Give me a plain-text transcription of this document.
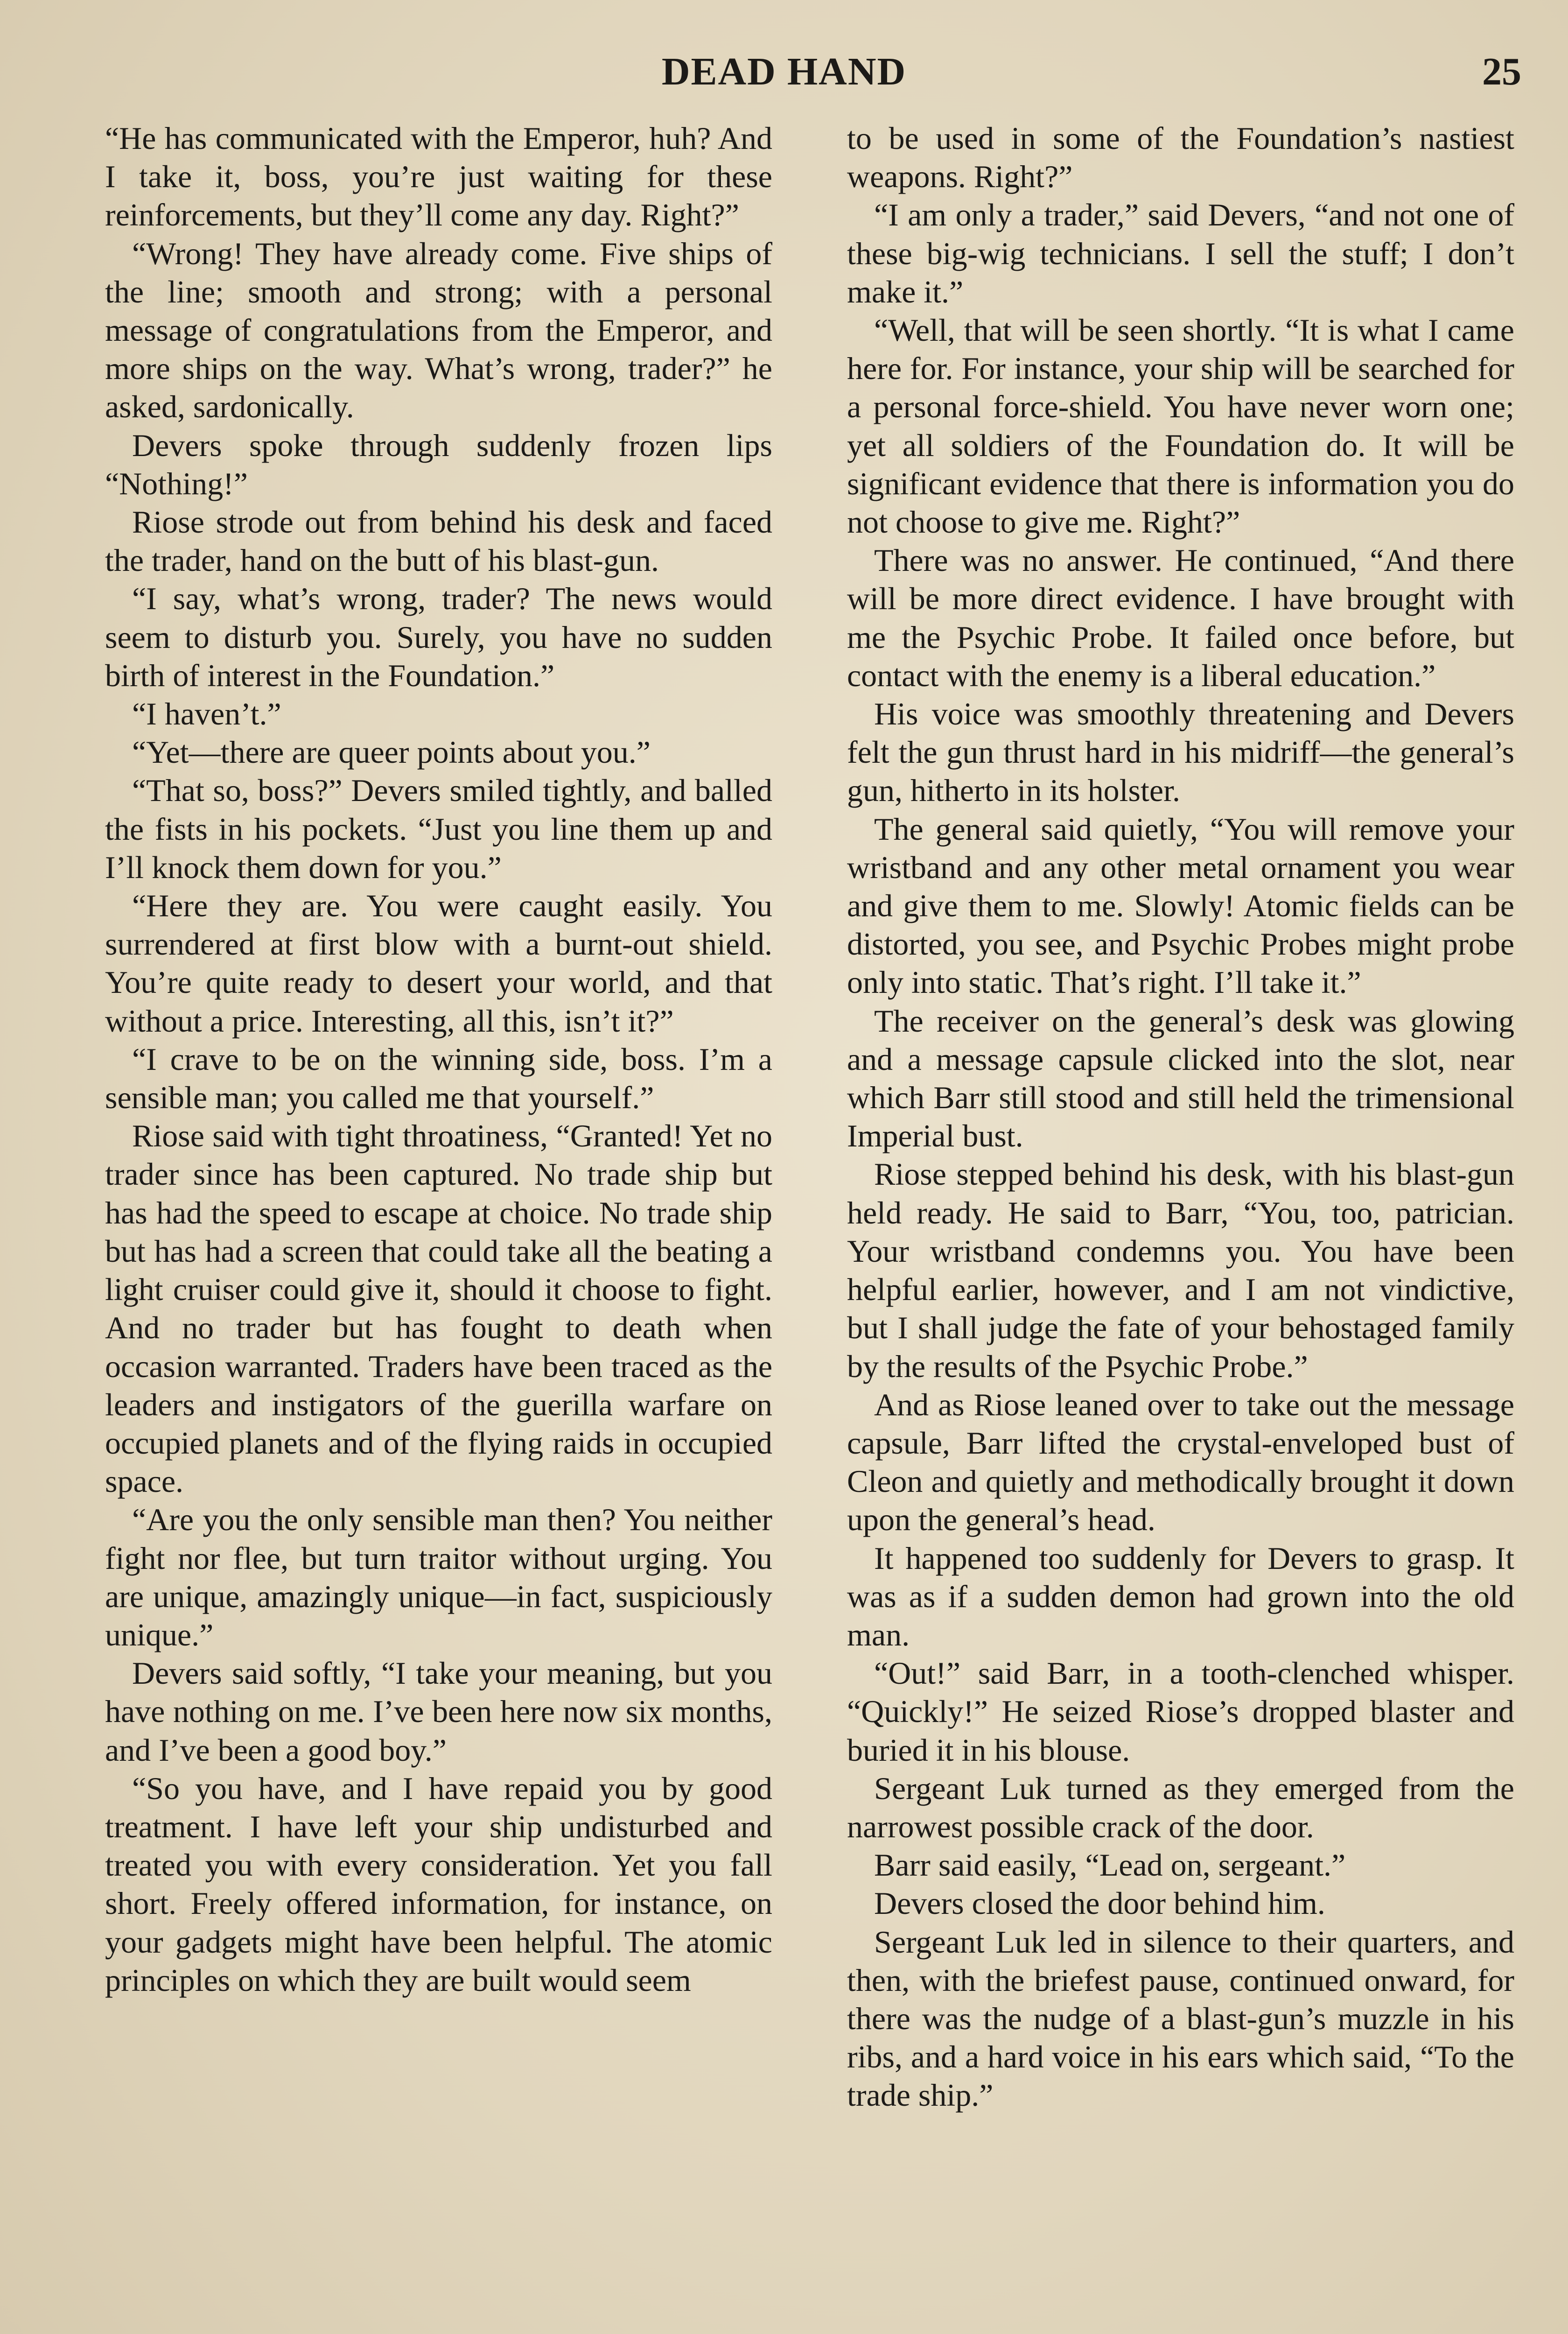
DEAD HAND	25

“He has communicated with the Emperor, huh? And I take it, boss, you’re just waiting for these reinforcements, but they’ll come any day. Right?”

“Wrong! They have already come. Five ships of the line; smooth and strong; with a personal message of congratulations from the Emperor, and more ships on the way. What’s wrong, trader?” he asked, sardonically.

Devers spoke through suddenly frozen lips “Nothing!”

Riose strode out from behind his desk and faced the trader, hand on the butt of his blast-gun.

“I say, what’s wrong, trader? The news would seem to disturb you. Surely, you have no sudden birth of interest in the Foundation.”

“I haven’t.”

“Yet—there are queer points about you.”

“That so, boss?” Devers smiled tightly, and balled the fists in his pockets. “Just you line them up and I’ll knock them down for you.”

“Here they are. You were caught easily. You surrendered at first blow with a burnt-out shield. You’re quite ready to desert your world, and that without a price. Interesting, all this, isn’t it?”

“I crave to be on the winning side, boss. I’m a sensible man; you called me that yourself.”

Riose said with tight throatiness, “Granted! Yet no trader since has been captured. No trade ship but has had the speed to escape at choice. No trade ship but has had a screen that could take all the beating a light cruiser could give it, should it choose to fight. And no trader but has fought to death when occasion warranted. Traders have been traced as the leaders and instigators of the guerilla warfare on occupied planets and of the flying raids in occupied space.

“Are you the only sensible man then? You neither fight nor flee, but turn traitor without urging. You are unique, amazingly unique—in fact, suspiciously unique.”

Devers said softly, “I take your meaning, but you have nothing on me. I’ve been here now six months, and I’ve been a good boy.”

“So you have, and I have repaid you by good treatment. I have left your ship undisturbed and treated you with every consideration. Yet you fall short. Freely offered information, for instance, on your gadgets might have been helpful. The atomic principles on which they are built would seem

to be used in some of the Foundation’s nastiest weapons. Right?”

“I am only a trader,” said Devers, “and not one of these big-wig technicians. I sell the stuff; I don’t make it.”

“Well, that will be seen shortly. “It is what I came here for. For instance, your ship will be searched for a personal force-shield. You have never worn one; yet all soldiers of the Foundation do. It will be significant evidence that there is information you do not choose to give me. Right?”

There was no answer. He continued, “And there will be more direct evidence. I have brought with me the Psychic Probe. It failed once before, but contact with the enemy is a liberal education.”

His voice was smoothly threatening and Devers felt the gun thrust hard in his midriff—the general’s gun, hitherto in its holster.

The general said quietly, “You will remove your wristband and any other metal ornament you wear and give them to me. Slowly! Atomic fields can be distorted, you see, and Psychic Probes might probe only into static. That’s right. I’ll take it.”

The receiver on the general’s desk was glowing and a message capsule clicked into the slot, near which Barr still stood and still held the trimensional Imperial bust.

Riose stepped behind his desk, with his blast-gun held ready. He said to Barr, “You, too, patrician. Your wristband condemns you. You have been helpful earlier, however, and I am not vindictive, but I shall judge the fate of your behostaged family by the results of the Psychic Probe.”

And as Riose leaned over to take out the message capsule, Barr lifted the crystal-enveloped bust of Cleon and quietly and methodically brought it down upon the general’s head.

It happened too suddenly for Devers to grasp. It was as if a sudden demon had grown into the old man.

“Out!” said Barr, in a tooth-clenched whisper. “Quickly!” He seized Riose’s dropped blaster and buried it in his blouse.

Sergeant Luk turned as they emerged from the narrowest possible crack of the door.

Barr said easily, “Lead on, sergeant.”

Devers closed the door behind him.

Sergeant Luk led in silence to their quarters, and then, with the briefest pause, continued onward, for there was the nudge of a blast-gun’s muzzle in his ribs, and a hard voice in his ears which said, “To the trade ship.”
